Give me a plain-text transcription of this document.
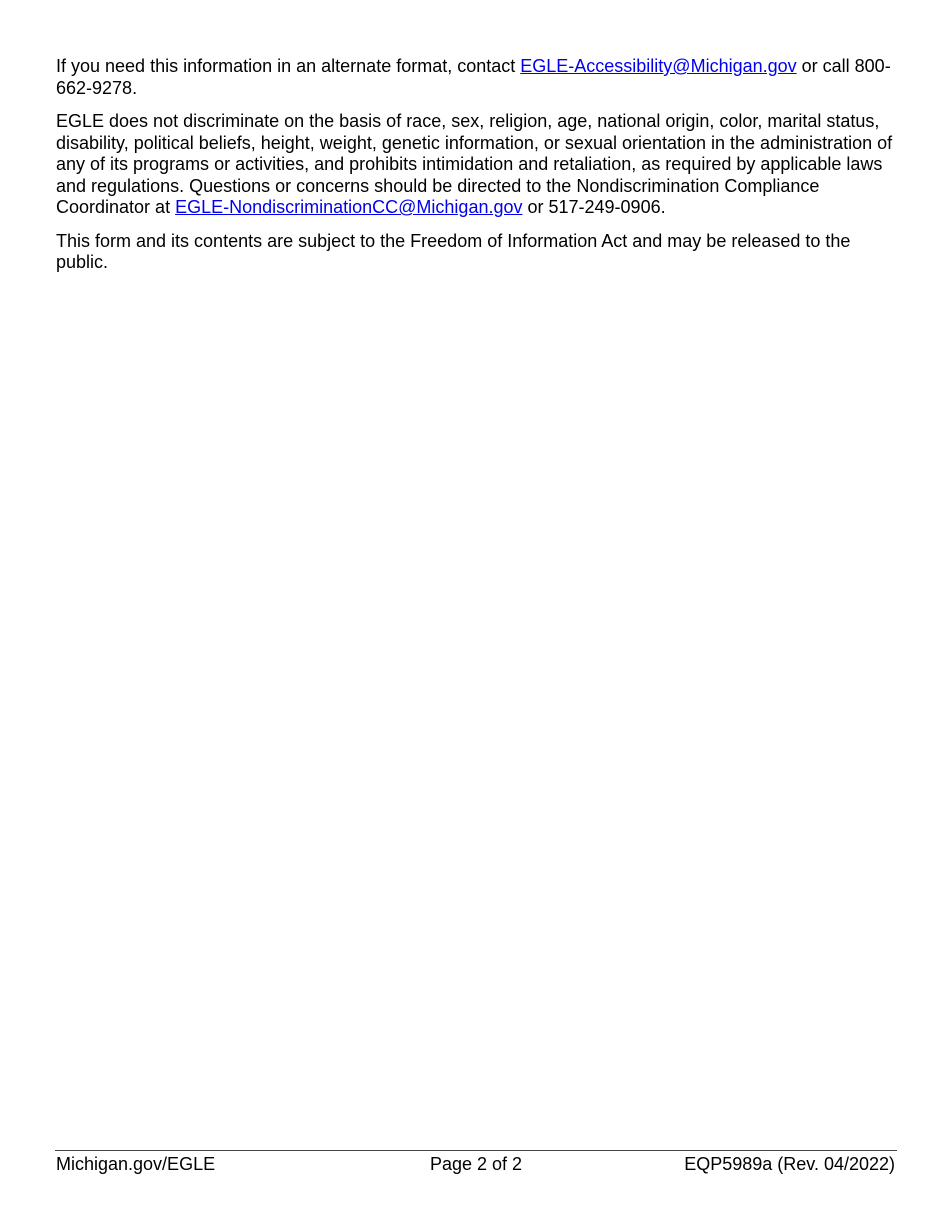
If you need this information in an alternate format, contact EGLE-Accessibility@Michigan.gov or call 800-662-9278.

EGLE does not discriminate on the basis of race, sex, religion, age, national origin, color, marital status, disability, political beliefs, height, weight, genetic information, or sexual orientation in the administration of any of its programs or activities, and prohibits intimidation and retaliation, as required by applicable laws and regulations. Questions or concerns should be directed to the Nondiscrimination Compliance Coordinator at EGLE-NondiscriminationCC@Michigan.gov or 517-249-0906.

This form and its contents are subject to the Freedom of Information Act and may be released to the public.

Page 2 of 2
Michigan.gov/EGLE	EQP5989a (Rev. 04/2022)
